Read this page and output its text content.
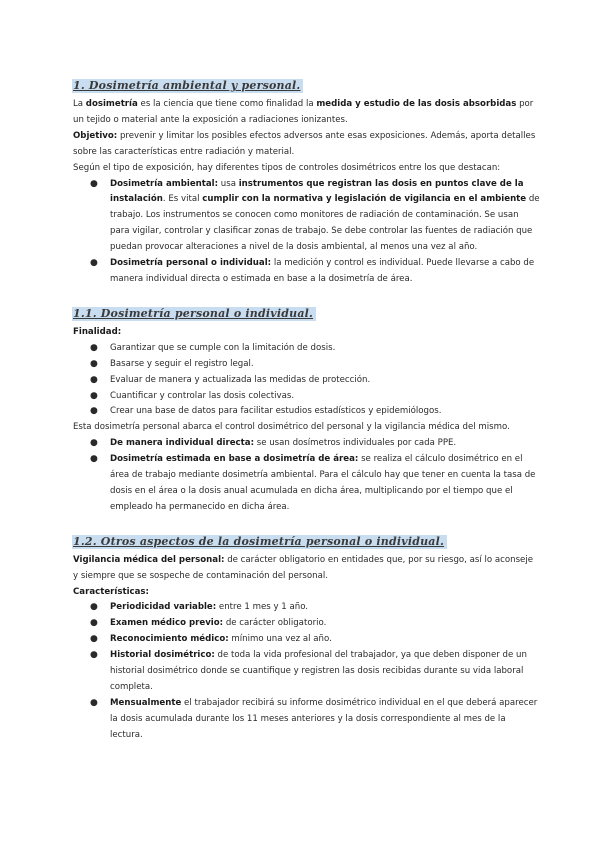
1. Dosimetría ambiental y personal.

La dosimetría es la ciencia que tiene como finalidad la medida y estudio de las dosis absorbidas por un tejido o material ante la exposición a radiaciones ionizantes.

Objetivo: prevenir y limitar los posibles efectos adversos ante esas exposiciones. Además, aporta detalles sobre las características entre radiación y material.

Según el tipo de exposición, hay diferentes tipos de controles dosimétricos entre los que destacan:

● Dosimetría ambiental: usa instrumentos que registran las dosis en puntos clave de la instalación. Es vital cumplir con la normativa y legislación de vigilancia en el ambiente de trabajo. Los instrumentos se conocen como monitores de radiación de contaminación. Se usan para vigilar, controlar y clasificar zonas de trabajo. Se debe controlar las fuentes de radiación que puedan provocar alteraciones a nivel de la dosis ambiental, al menos una vez al año.
● Dosimetría personal o individual: la medición y control es individual. Puede llevarse a cabo de manera individual directa o estimada en base a la dosimetría de área.
1.1. Dosimetría personal o individual.

Finalidad:

● Garantizar que se cumple con la limitación de dosis.
● Basarse y seguir el registro legal.
● Evaluar de manera y actualizada las medidas de protección.
● Cuantificar y controlar las dosis colectivas.
● Crear una base de datos para facilitar estudios estadísticos y epidemiólogos.

Esta dosimetría personal abarca el control dosimétrico del personal y la vigilancia médica del mismo.

● De manera individual directa: se usan dosímetros individuales por cada PPE.
● Dosimetría estimada en base a dosimetría de área: se realiza el cálculo dosimétrico en el área de trabajo mediante dosimetría ambiental. Para el cálculo hay que tener en cuenta la tasa de dosis en el área o la dosis anual acumulada en dicha área, multiplicando por el tiempo que el empleado ha permanecido en dicha área.
1.2. Otros aspectos de la dosimetría personal o individual.

Vigilancia médica del personal: de carácter obligatorio en entidades que, por su riesgo, así lo aconseje y siempre que se sospeche de contaminación del personal.

Características:

● Periodicidad variable: entre 1 mes y 1 año.
● Examen médico previo: de carácter obligatorio.
● Reconocimiento médico: mínimo una vez al año.
● Historial dosimétrico: de toda la vida profesional del trabajador, ya que deben disponer de un historial dosimétrico donde se cuantifique y registren las dosis recibidas durante su vida laboral completa.
● Mensualmente el trabajador recibirá su informe dosimétrico individual en el que deberá aparecer la dosis acumulada durante los 11 meses anteriores y la dosis correspondiente al mes de la lectura.
